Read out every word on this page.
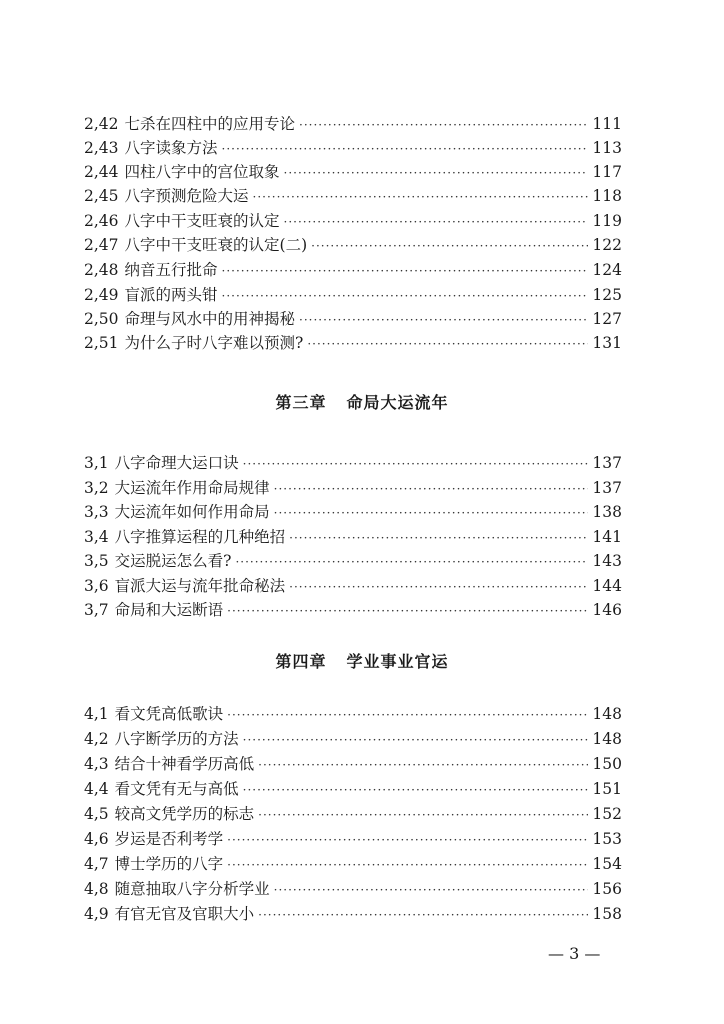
2,42 七杀在四柱中的应用专论 ·····	111
2,43 八字读象方法 ·····	113
2,44 四柱八字中的宫位取象 ·····	117
2,45 八字预测危险大运 ·····	118
2,46 八字中干支旺衰的认定 ·····	119
2,47 八字中干支旺衰的认定(二) ·····	122
2,48 纳音五行批命 ·····	124
2,49 盲派的两头钳 ·····	125
2,50 命理与风水中的用神揭秘 ·····	127
2,51 为什么子时八字难以预测? ·····	131
第三章 命局大运流年
3,1 八字命理大运口诀 ·····	137
3,2 大运流年作用命局规律 ·····	137
3,3 大运流年如何作用命局 ·····	138
3,4 八字推算运程的几种绝招 ·····	141
3,5 交运脱运怎么看? ·····	143
3,6 盲派大运与流年批命秘法 ·····	144
3,7 命局和大运断语 ·····	146
第四章 学业事业官运
4,1 看文凭高低歌诀 ·····	148
4,2 八字断学历的方法 ·····	148
4,3 结合十神看学历高低 ·····	150
4,4 看文凭有无与高低 ·····	151
4,5 较高文凭学历的标志 ·····	152
4,6 岁运是否利考学 ·····	153
4,7 博士学历的八字 ·····	154
4,8 随意抽取八字分析学业 ·····	156
4,9 有官无官及官职大小 ·····	158
— 3 —
